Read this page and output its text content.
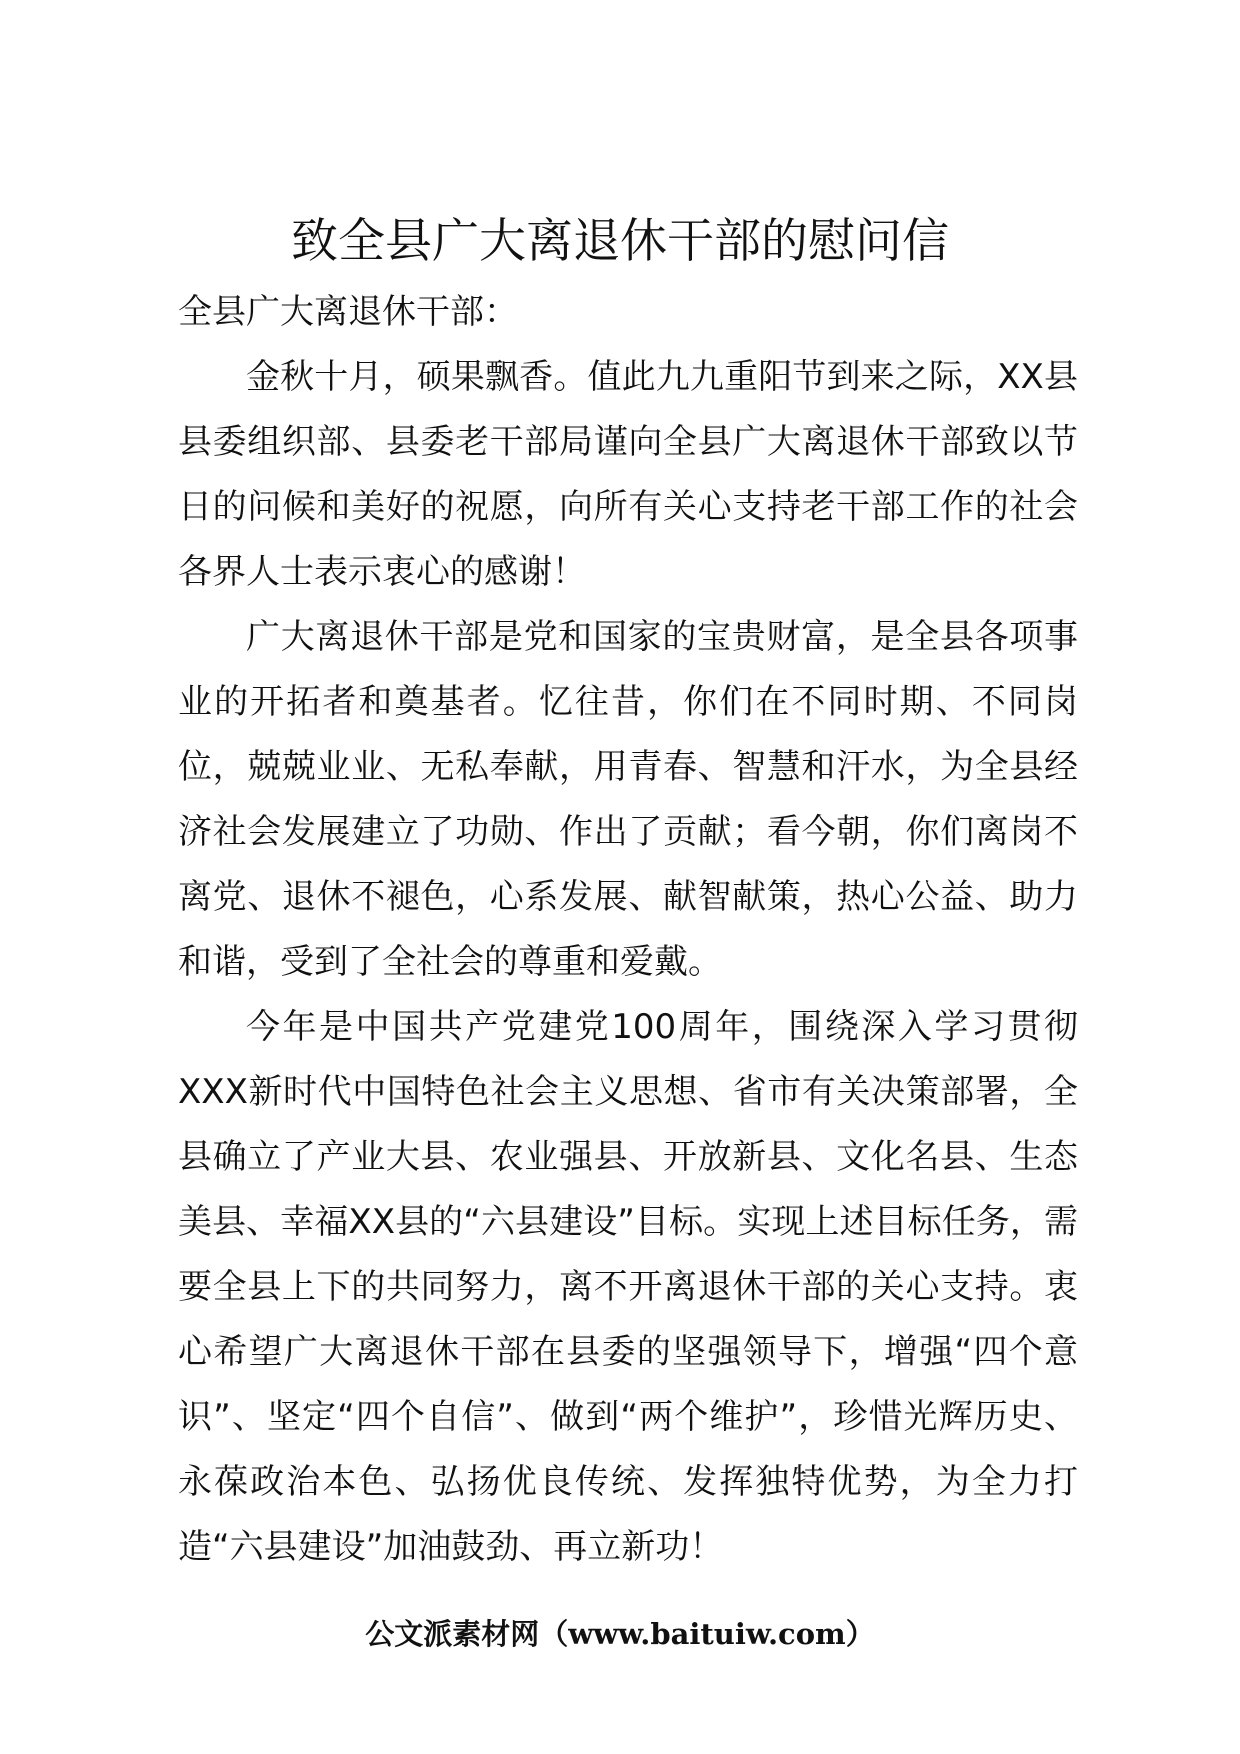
致全县广大离退休干部的慰问信

全县广大离退休干部：

金秋十月，硕果飘香。值此九九重阳节到来之际，XX县县委组织部、县委老干部局谨向全县广大离退休干部致以节日的问候和美好的祝愿，向所有关心支持老干部工作的社会各界人士表示衷心的感谢！

广大离退休干部是党和国家的宝贵财富，是全县各项事业的开拓者和奠基者。忆往昔，你们在不同时期、不同岗位，兢兢业业、无私奉献，用青春、智慧和汗水，为全县经济社会发展建立了功勋、作出了贡献；看今朝，你们离岗不离党、退休不褪色，心系发展、献智献策，热心公益、助力和谐，受到了全社会的尊重和爱戴。

今年是中国共产党建党100周年，围绕深入学习贯彻XXX新时代中国特色社会主义思想、省市有关决策部署，全县确立了产业大县、农业强县、开放新县、文化名县、生态美县、幸福XX县的“六县建设”目标。实现上述目标任务，需要全县上下的共同努力，离不开离退休干部的关心支持。衷心希望广大离退休干部在县委的坚强领导下，增强“四个意识”、坚定“四个自信”、做到“两个维护”，珍惜光辉历史、永葆政治本色、弘扬优良传统、发挥独特优势，为全力打造“六县建设”加油鼓劲、再立新功！

公文派素材网（www.baituiw.com）
